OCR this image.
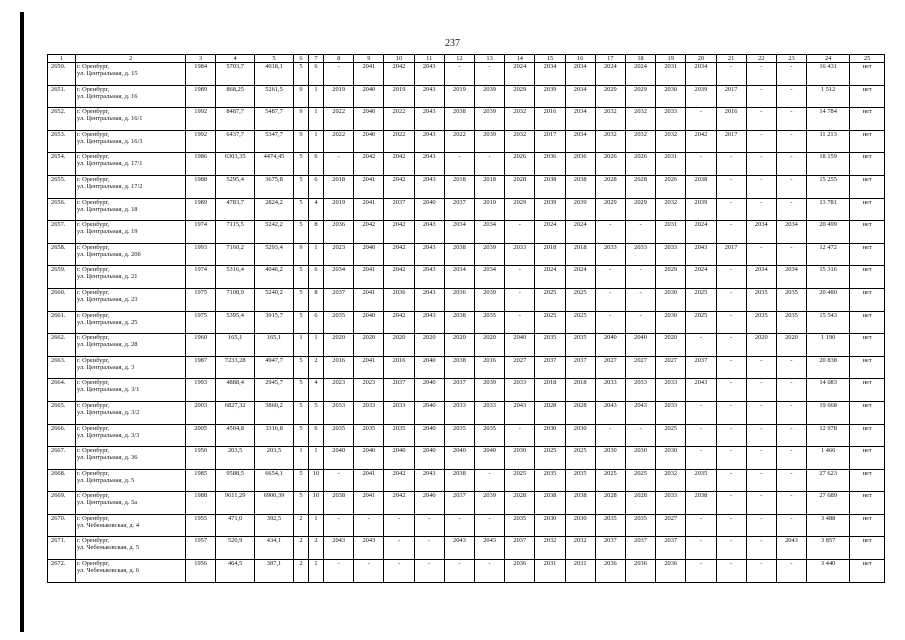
237
1	2	3	4	5	6	7	8	9	10	11	12	13	14	15	16	17	18	19	20	21	22	23	24	25
2650.	г. Оренбург,
ул. Центральная, д. 15	1984	5703,7	4018,1	5	6	-	2041	2042	2043	-	-	2024	2034	2034	2024	2024	2031	2034	-	-	-	16 431	нет
2651.	г. Оренбург,
ул. Центральная, д. 16	1989	868,25	5261,5	9	1	2019	2040	2019	2043	2019	2039	2029	2039	2034	2029	2029	2030	2039	2017	-	-	1 512	нет
2652.	г. Оренбург,
ул. Центральная, д. 16/1	1992	8487,7	5487,7	9	1	2022	2040	2022	2043	2038	2039	2032	2016	2034	2032	2032	2033	-	2016	-	-	14 784	нет
2653.	г. Оренбург,
ул. Центральная, д. 16/3	1992	6437,7	5347,7	9	1	2022	2040	2022	2043	2022	2039	2032	2017	2034	2032	2032	2032	2042	2017	-	-	11 213	нет
2654.	г. Оренбург,
ул. Центральная, д. 17/1	1986	6303,35	4474,45	5	6	-	2042	2042	2043	-	-	2026	2036	2036	2026	2026	2031	-	-	-	-	18 159	нет
2655.	г. Оренбург,
ул. Центральная, д. 17/2	1988	5295,4	3675,8	5	6	2018	2041	2042	2043	2018	2018	2028	2038	2038	2028	2028	2026	2038	-	-	-	15 255	нет
2656.	г. Оренбург,
ул. Центральная, д. 18	1989	4783,7	2824,2	5	4	2019	2041	2037	2040	2037	2019	2029	2039	2039	2029	2029	2032	2039	-	-	-	13 781	нет
2657.	г. Оренбург,
ул. Центральная, д. 19	1974	7115,5	5242,2	5	8	2036	2042	2042	2043	2034	2034	-	2024	2024	-	-	2031	2024	-	2034	2034	20 499	нет
2658.	г. Оренбург,
ул. Центральная, д. 20б	1993	7160,2	5293,4	9	1	2023	2040	2042	2043	2038	2039	2033	2018	2018	2033	2033	2033	2043	2017	-	-	12 472	нет
2659.	г. Оренбург,
ул. Центральная, д. 21	1974	5316,4	4046,2	5	6	2034	2041	2042	2043	2034	2034	-	2024	2024	-	-	2029	2024	-	2034	2034	15 316	нет
2660.	г. Оренбург,
ул. Центральная, д. 23	1975	7108,9	5240,2	5	8	2037	2041	2036	2043	2036	2039	-	2025	2025	-	-	2030	2025	-	2035	2035	20 480	нет
2661.	г. Оренбург,
ул. Центральная, д. 25	1975	5395,4	3915,7	5	6	2035	2040	2042	2043	2038	2035	-	2025	2025	-	-	2030	2025	-	2035	2035	15 543	нет
2662.	г. Оренбург,
ул. Центральная, д. 28	1960	165,1	165,1	1	1	2020	2020	2020	2020	2020	2020	2040	2035	2035	2040	2040	2020	-	-	2020	2020	1 190	нет
2663.	г. Оренбург,
ул. Центральная, д. 3	1987	7233,28	4947,7	5	2	2016	2041	2016	2040	2038	2016	2027	2037	2037	2027	2027	2027	2037	-	-	-	20 838	нет
2664.	г. Оренбург,
ул. Центральная, д. 3/1	1993	4888,4	2945,7	5	4	2023	2023	2037	2040	2037	2039	2033	2018	2018	2033	2033	2033	2043	-	-	-	14 083	нет
2665.	г. Оренбург,
ул. Центральная, д. 3/2	2003	6827,32	3860,2	5	5	2033	2033	2033	2040	2033	2033	2043	2028	2028	2043	2043	2033	-	-	-	-	19 668	нет
2666.	г. Оренбург,
ул. Центральная, д. 3/3	2005	4504,8	3316,8	5	6	2035	2035	2035	2040	2035	2035	-	2030	2030	-	-	2025	-	-	-	-	12 978	нет
2667.	г. Оренбург,
ул. Центральная, д. 36	1950	203,5	203,5	1	1	2040	2040	2040	2040	2040	2040	2030	2025	2025	2030	2030	2030	-	-	-	-	1 466	нет
2668.	г. Оренбург,
ул. Центральная, д. 5	1985	9588,5	6654,1	5	10	-	2041	2042	2043	2038	-	2025	2035	2035	2025	2025	2032	2035	-	-	-	27 623	нет
2669.	г. Оренбург,
ул. Центральная, д. 5а	1988	9611,29	6900,39	5	10	2038	2041	2042	2040	2037	2039	2028	2038	2038	2028	2028	2033	2038	-	-	-	27 689	нет
2670.	г. Оренбург,
ул. Чебеньковская, д. 4	1955	471,0	392,5	2	1	-	-	-	-	-	-	2035	2030	2030	2035	2035	2027	-	-	-	-	3 488	нет
2671.	г. Оренбург,
ул. Чебеньковская, д. 5	1957	520,9	434,1	2	2	2043	2043	-	-	2043	2043	2037	2032	2032	2037	2037	2037	-	-	-	2043	3 857	нет
2672.	г. Оренбург,
ул. Чебеньковская, д. 6	1956	464,5	387,1	2	1	-	-	-	-	-	-	2036	2031	2031	2036	2036	2036	-	-	-	-	3 440	нет
